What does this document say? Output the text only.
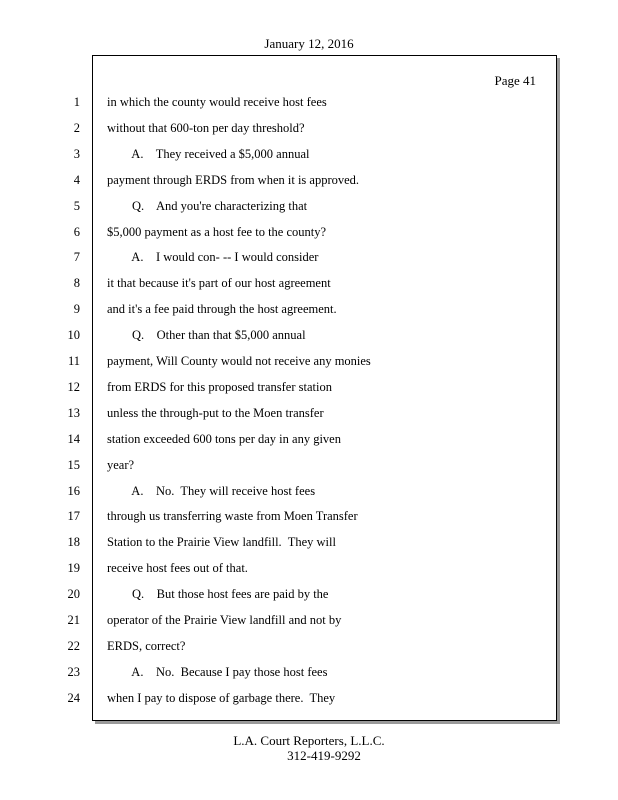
January 12, 2016
Page 41
1 in which the county would receive host fees
2 without that 600-ton per day threshold?
3 A.    They received a $5,000 annual
4 payment through ERDS from when it is approved.
5 Q.    And you're characterizing that
6 $5,000 payment as a host fee to the county?
7 A.    I would con- -- I would consider
8 it that because it's part of our host agreement
9 and it's a fee paid through the host agreement.
10 Q.    Other than that $5,000 annual
11 payment, Will County would not receive any monies
12 from ERDS for this proposed transfer station
13 unless the through-put to the Moen transfer
14 station exceeded 600 tons per day in any given
15 year?
16 A.    No.  They will receive host fees
17 through us transferring waste from Moen Transfer
18 Station to the Prairie View landfill.  They will
19 receive host fees out of that.
20 Q.    But those host fees are paid by the
21 operator of the Prairie View landfill and not by
22 ERDS, correct?
23 A.    No.  Because I pay those host fees
24 when I pay to dispose of garbage there.  They
L.A. Court Reporters, L.L.C.
312-419-9292
